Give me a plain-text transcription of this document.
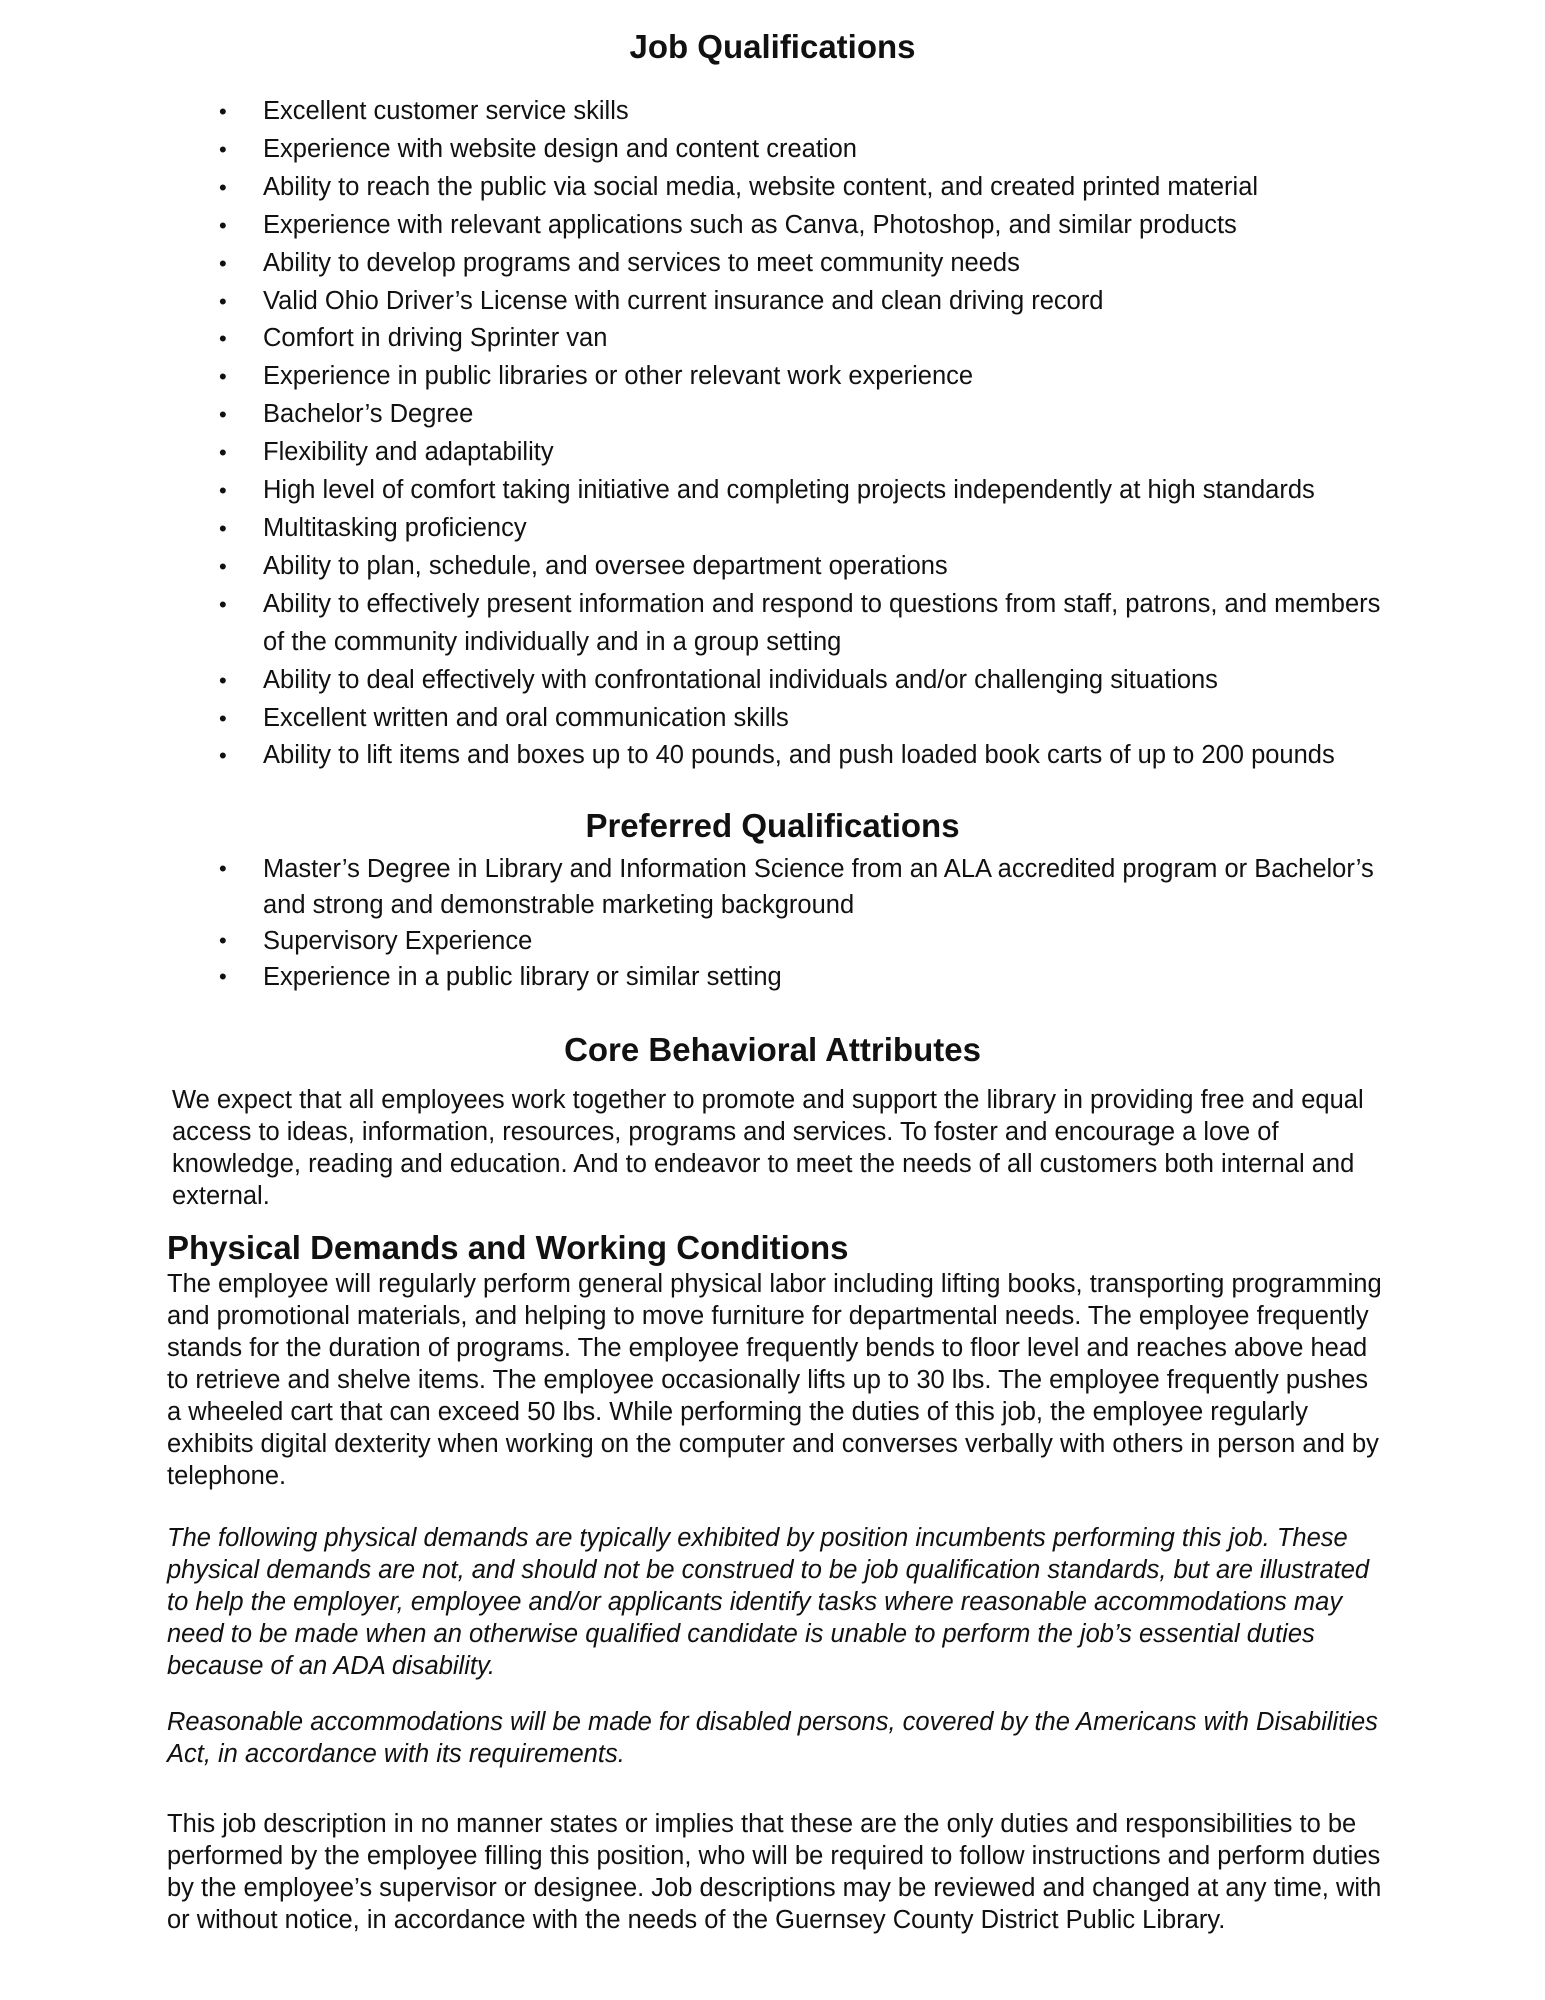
Job Qualifications
• Excellent customer service skills
• Experience with website design and content creation
• Ability to reach the public via social media, website content, and created printed material
• Experience with relevant applications such as Canva, Photoshop, and similar products
• Ability to develop programs and services to meet community needs
• Valid Ohio Driver’s License with current insurance and clean driving record
• Comfort in driving Sprinter van
• Experience in public libraries or other relevant work experience
• Bachelor’s Degree
• Flexibility and adaptability
• High level of comfort taking initiative and completing projects independently at high standards
• Multitasking proficiency
• Ability to plan, schedule, and oversee department operations
• Ability to effectively present information and respond to questions from staff, patrons, and members of the community individually and in a group setting
• Ability to deal effectively with confrontational individuals and/or challenging situations
• Excellent written and oral communication skills
• Ability to lift items and boxes up to 40 pounds, and push loaded book carts of up to 200 pounds
Preferred Qualifications
• Master’s Degree in Library and Information Science from an ALA accredited program or Bachelor’s and strong and demonstrable marketing background
• Supervisory Experience
• Experience in a public library or similar setting
Core Behavioral Attributes

We expect that all employees work together to promote and support the library in providing free and equal access to ideas, information, resources, programs and services. To foster and encourage a love of knowledge, reading and education. And to endeavor to meet the needs of all customers both internal and external.

Physical Demands and Working Conditions

The employee will regularly perform general physical labor including lifting books, transporting programming and promotional materials, and helping to move furniture for departmental needs. The employee frequently stands for the duration of programs. The employee frequently bends to floor level and reaches above head to retrieve and shelve items. The employee occasionally lifts up to 30 lbs. The employee frequently pushes a wheeled cart that can exceed 50 lbs. While performing the duties of this job, the employee regularly exhibits digital dexterity when working on the computer and converses verbally with others in person and by telephone.

The following physical demands are typically exhibited by position incumbents performing this job. These physical demands are not, and should not be construed to be job qualification standards, but are illustrated to help the employer, employee and/or applicants identify tasks where reasonable accommodations may need to be made when an otherwise qualified candidate is unable to perform the job’s essential duties because of an ADA disability.

Reasonable accommodations will be made for disabled persons, covered by the Americans with Disabilities Act, in accordance with its requirements.

This job description in no manner states or implies that these are the only duties and responsibilities to be performed by the employee filling this position, who will be required to follow instructions and perform duties by the employee’s supervisor or designee. Job descriptions may be reviewed and changed at any time, with or without notice, in accordance with the needs of the Guernsey County District Public Library.
